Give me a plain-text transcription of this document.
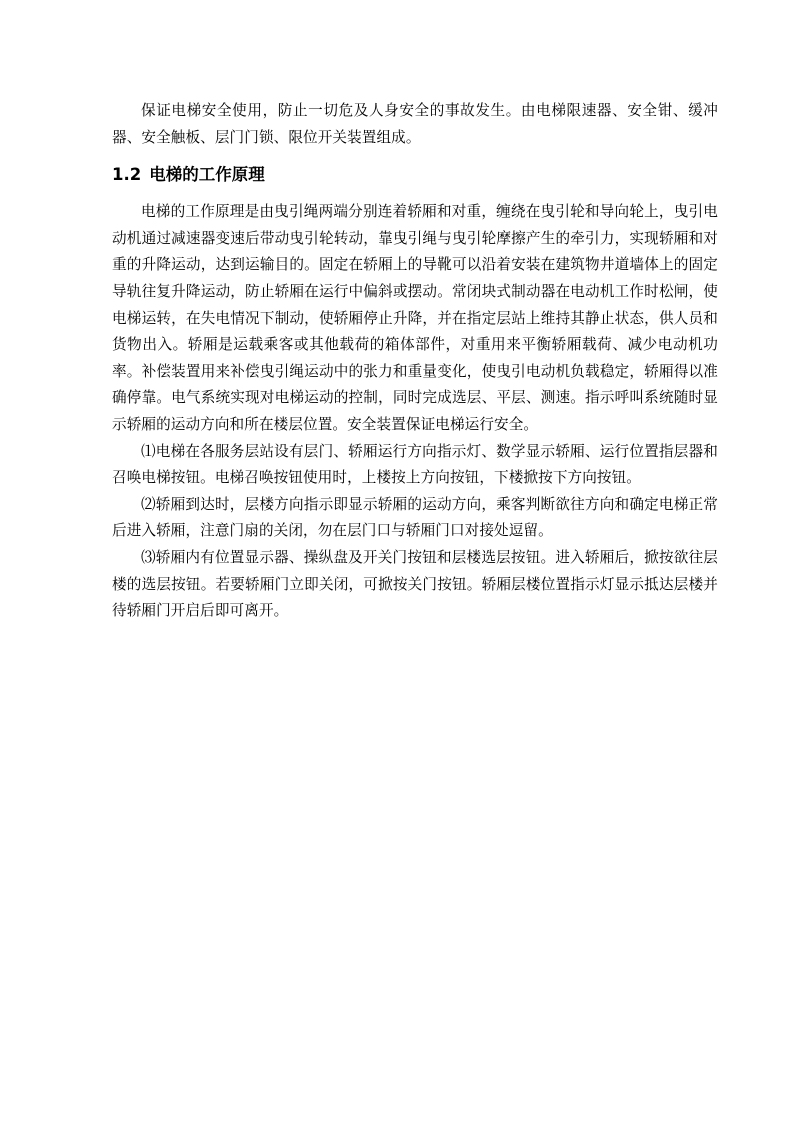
保证电梯安全使用，防止一切危及人身安全的事故发生。由电梯限速器、安全钳、缓冲器、安全触板、层门门锁、限位开关装置组成。

1.2 电梯的工作原理

电梯的工作原理是由曳引绳两端分别连着轿厢和对重，缠绕在曳引轮和导向轮上，曳引电动机通过减速器变速后带动曳引轮转动，靠曳引绳与曳引轮摩擦产生的牵引力，实现轿厢和对重的升降运动，达到运输目的。固定在轿厢上的导靴可以沿着安装在建筑物井道墙体上的固定导轨往复升降运动，防止轿厢在运行中偏斜或摆动。常闭块式制动器在电动机工作时松闸，使电梯运转，在失电情况下制动，使轿厢停止升降，并在指定层站上维持其静止状态，供人员和货物出入。轿厢是运载乘客或其他载荷的箱体部件，对重用来平衡轿厢载荷、减少电动机功率。补偿装置用来补偿曳引绳运动中的张力和重量变化，使曳引电动机负载稳定，轿厢得以准确停靠。电气系统实现对电梯运动的控制，同时完成选层、平层、测速。指示呼叫系统随时显示轿厢的运动方向和所在楼层位置。安全装置保证电梯运行安全。

⑴电梯在各服务层站设有层门、轿厢运行方向指示灯、数学显示轿厢、运行位置指层器和召唤电梯按钮。电梯召唤按钮使用时，上楼按上方向按钮，下楼掀按下方向按钮。

⑵轿厢到达时，层楼方向指示即显示轿厢的运动方向，乘客判断欲往方向和确定电梯正常后进入轿厢，注意门扇的关闭，勿在层门口与轿厢门口对接处逗留。

⑶轿厢内有位置显示器、操纵盘及开关门按钮和层楼选层按钮。进入轿厢后，掀按欲往层楼的选层按钮。若要轿厢门立即关闭，可掀按关门按钮。轿厢层楼位置指示灯显示抵达层楼并待轿厢门开启后即可离开。
